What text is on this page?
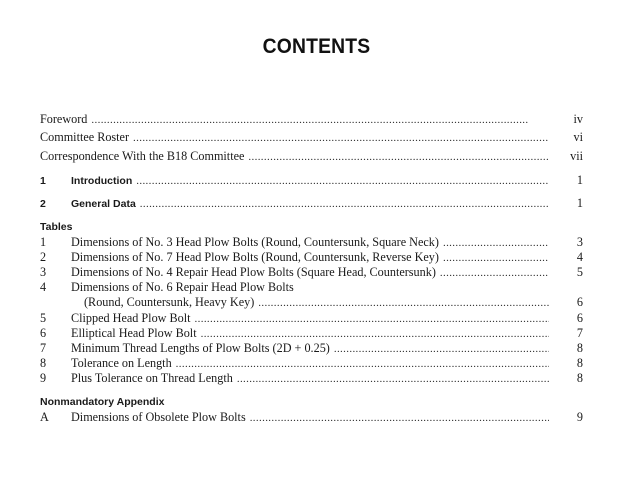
CONTENTS
Foreword . . .	iv
Committee Roster . . .	vi
Correspondence With the B18 Committee . . .	vii
1	Introduction . . .	1
2	General Data . . .	1
Tables
1	Dimensions of No. 3 Head Plow Bolts (Round, Countersunk, Square Neck) . . .	3
2	Dimensions of No. 7 Head Plow Bolts (Round, Countersunk, Reverse Key) . . .	4
3	Dimensions of No. 4 Repair Head Plow Bolts (Square Head, Countersunk) . . .	5
4	Dimensions of No. 6 Repair Head Plow Bolts
(Round, Countersunk, Heavy Key) . . .	6
5	Clipped Head Plow Bolt . . .	6
6	Elliptical Head Plow Bolt . . .	7
7	Minimum Thread Lengths of Plow Bolts (2D + 0.25) . . .	8
8	Tolerance on Length . . .	8
9	Plus Tolerance on Thread Length . . .	8
Nonmandatory Appendix
A	Dimensions of Obsolete Plow Bolts . . .	9
